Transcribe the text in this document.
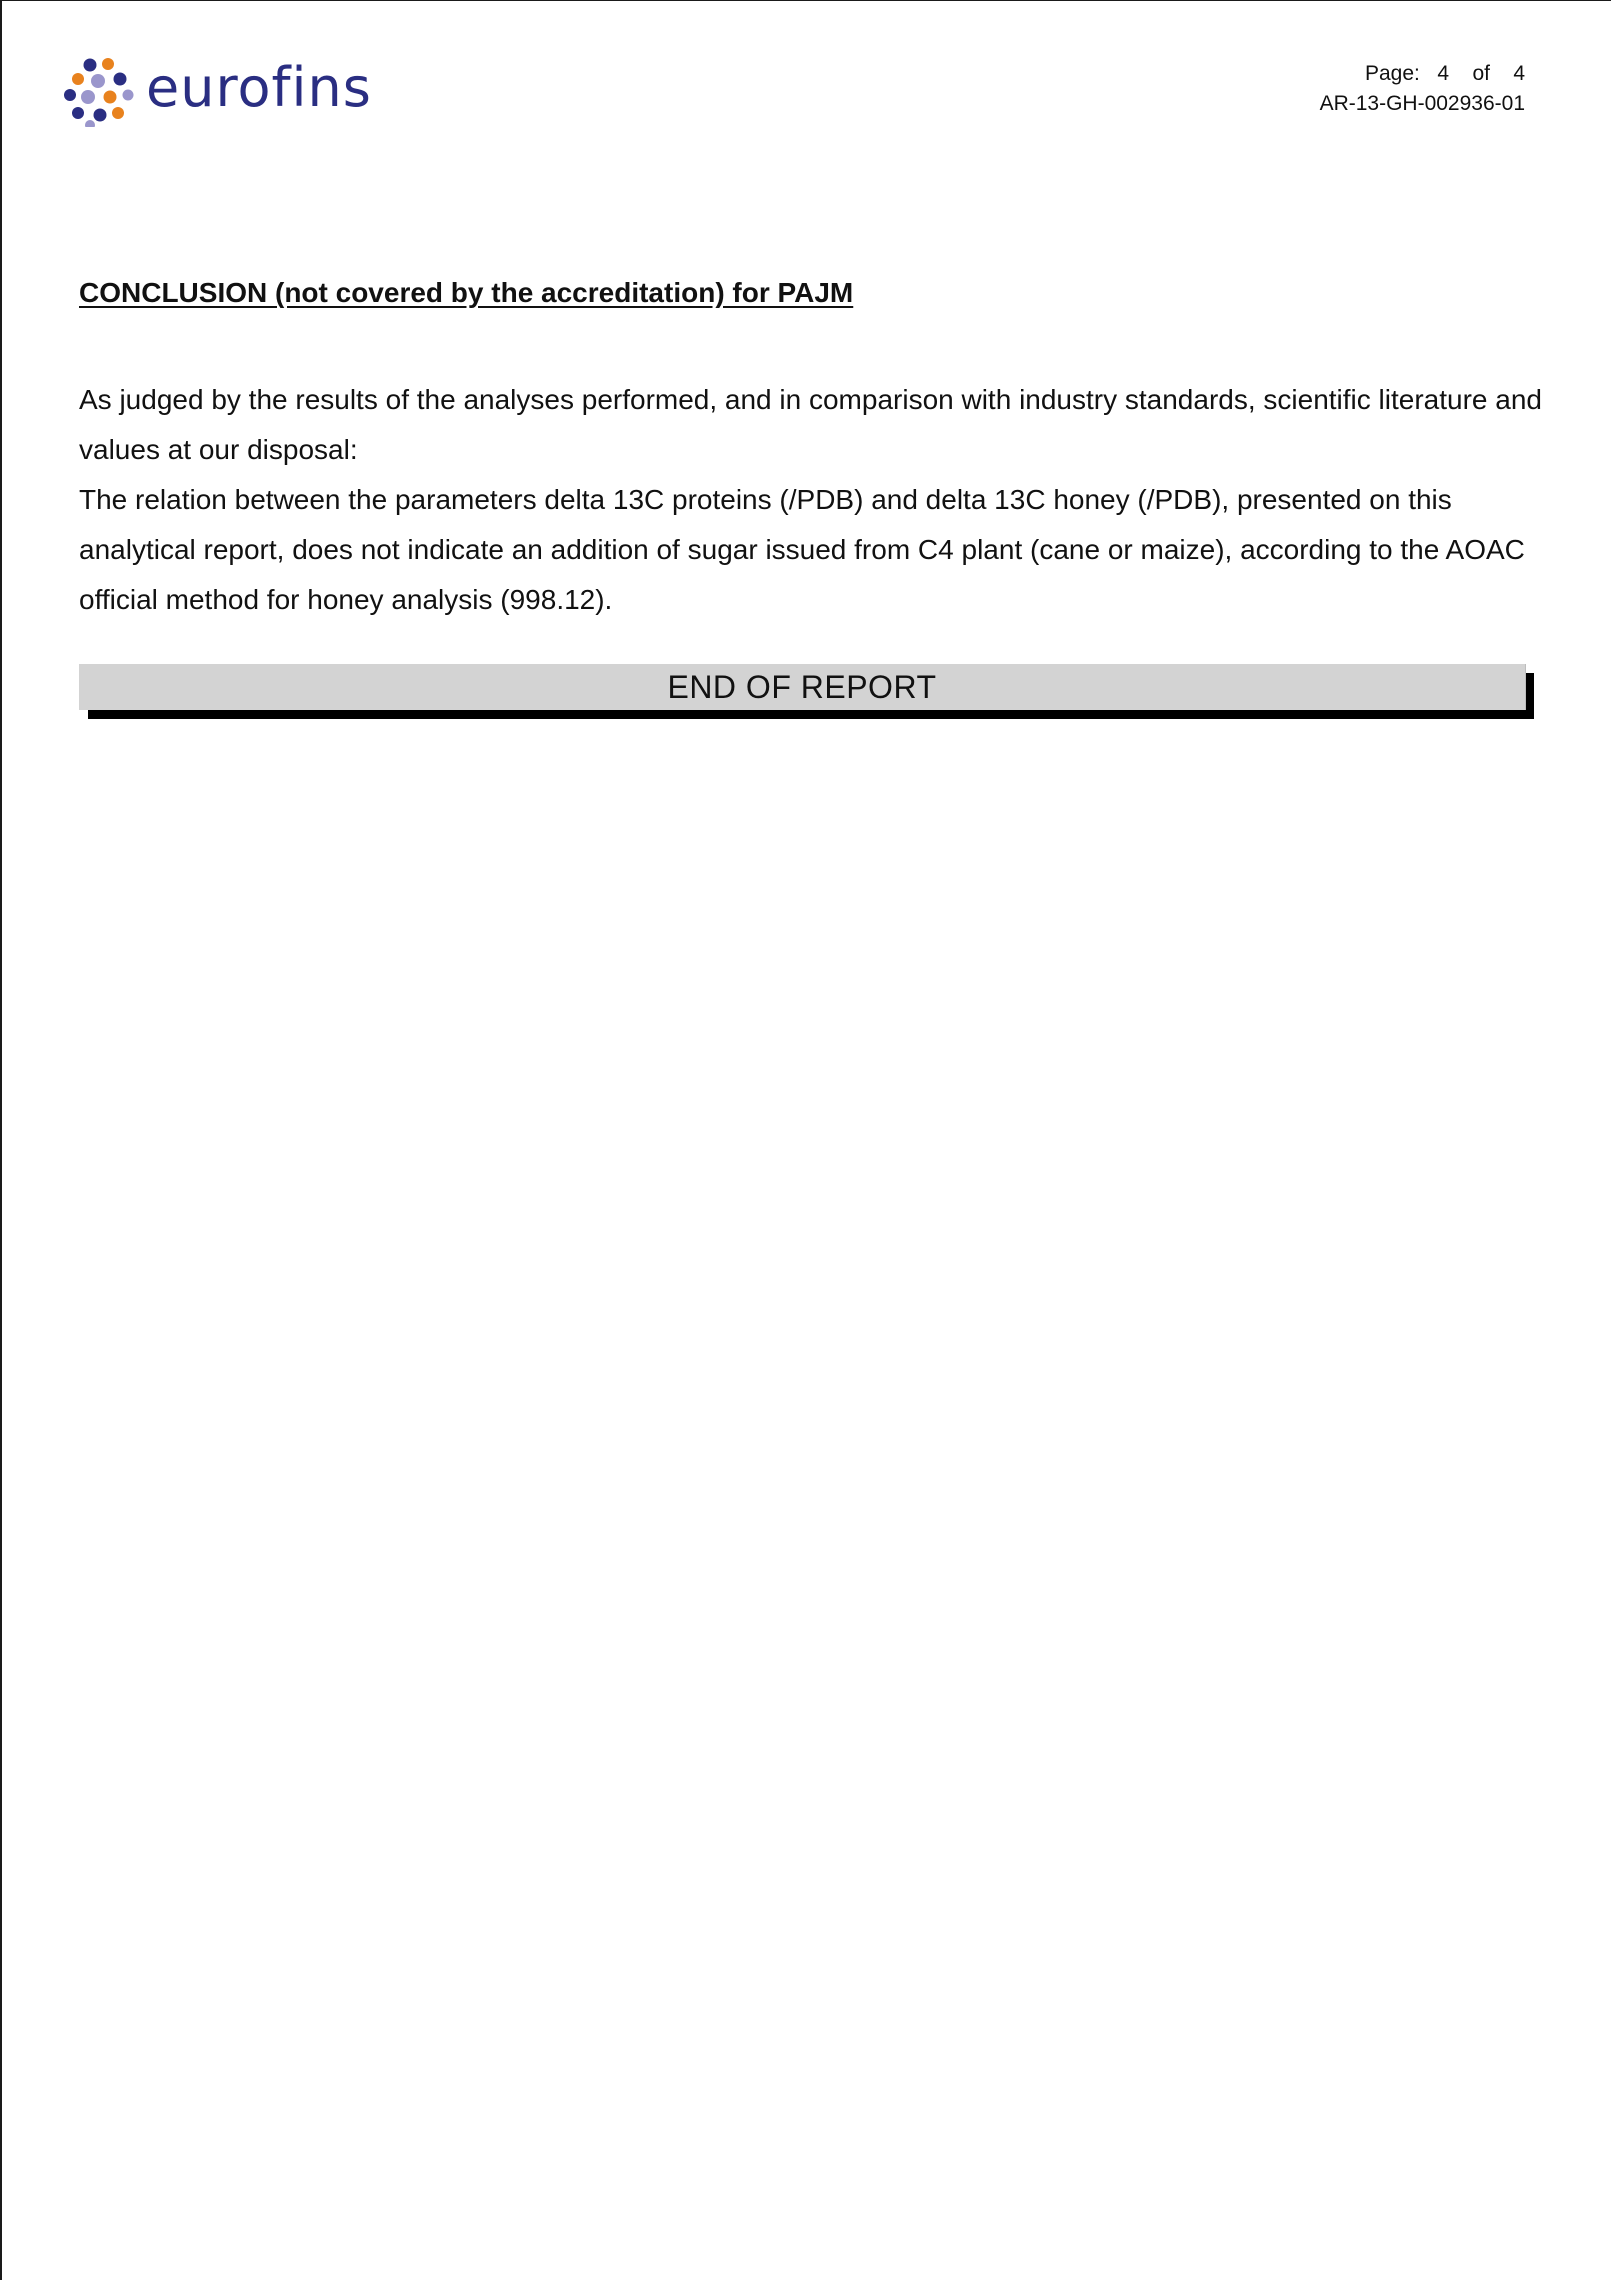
eurofins	Page: 4 of 4
AR-13-GH-002936-01
CONCLUSION (not covered by the accreditation) for PAJM

As judged by the results of the analyses performed, and in comparison with industry standards, scientific literature and values at our disposal:

The relation between the parameters delta 13C proteins (/PDB) and delta 13C honey (/PDB), presented on this analytical report, does not indicate an addition of sugar issued from C4 plant (cane or maize), according to the AOAC official method for honey analysis (998.12).

END OF REPORT
